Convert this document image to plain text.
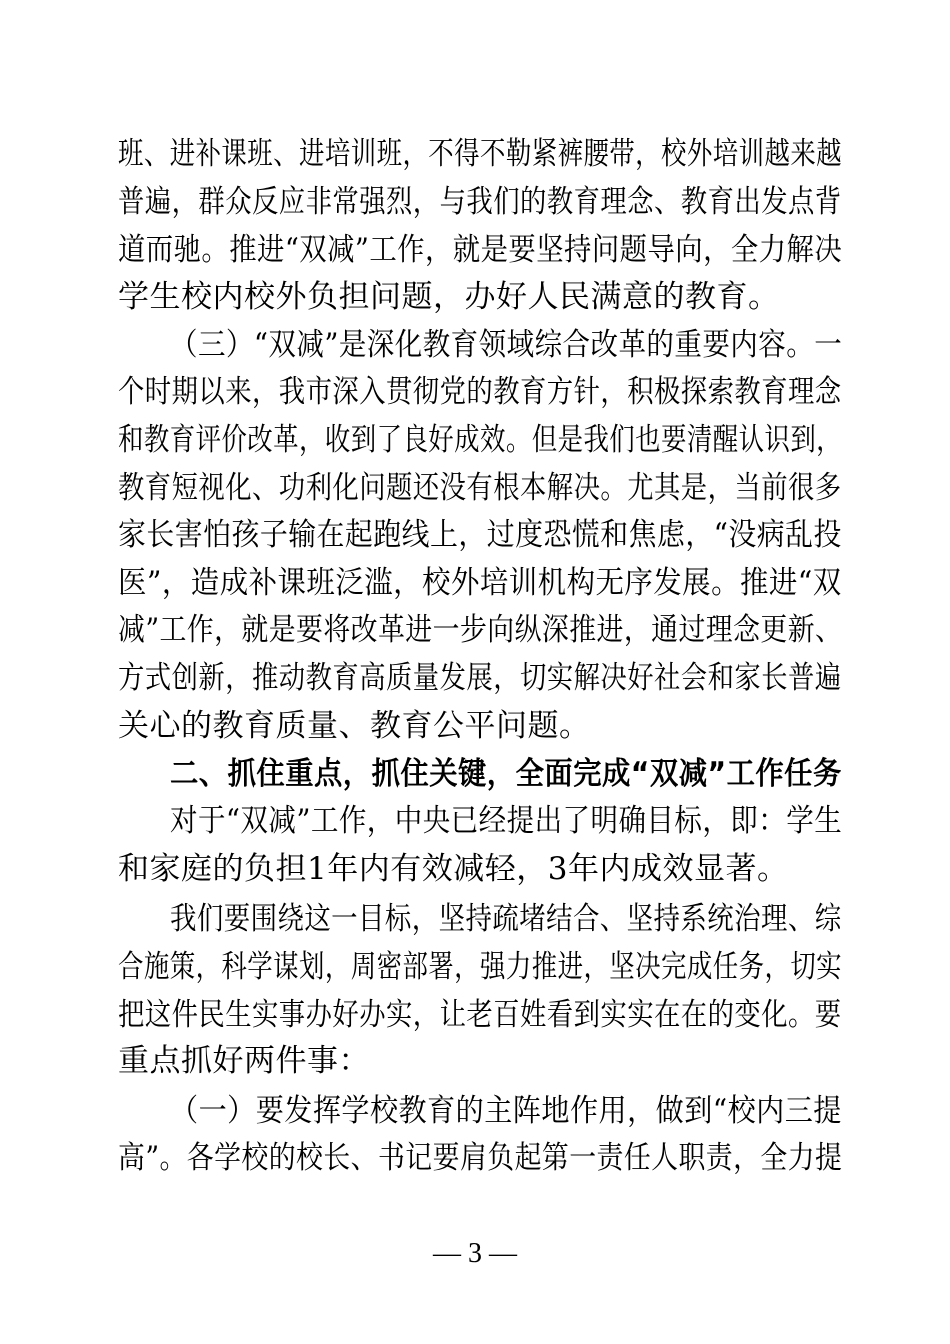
班、进补课班、进培训班，不得不勒紧裤腰带，校外培训越来越
普遍，群众反应非常强烈，与我们的教育理念、教育出发点背
道而驰。推进“双减”工作，就是要坚持问题导向，全力解决
学生校内校外负担问题，办好人民满意的教育。
（三）“双减”是深化教育领域综合改革的重要内容。一
个时期以来，我市深入贯彻党的教育方针，积极探索教育理念
和教育评价改革，收到了良好成效。但是我们也要清醒认识到，
教育短视化、功利化问题还没有根本解决。尤其是，当前很多
家长害怕孩子输在起跑线上，过度恐慌和焦虑，“没病乱投
医”，造成补课班泛滥，校外培训机构无序发展。推进“双
减”工作，就是要将改革进一步向纵深推进，通过理念更新、
方式创新，推动教育高质量发展，切实解决好社会和家长普遍
关心的教育质量、教育公平问题。
二、抓住重点，抓住关键，全面完成“双减”工作任务
对于“双减”工作，中央已经提出了明确目标，即：学生
和家庭的负担1年内有效减轻，3年内成效显著。
我们要围绕这一目标，坚持疏堵结合、坚持系统治理、综
合施策，科学谋划，周密部署，强力推进，坚决完成任务，切实
把这件民生实事办好办实，让老百姓看到实实在在的变化。要
重点抓好两件事：
（一）要发挥学校教育的主阵地作用，做到“校内三提
高”。各学校的校长、书记要肩负起第一责任人职责，全力提
— 3 —
